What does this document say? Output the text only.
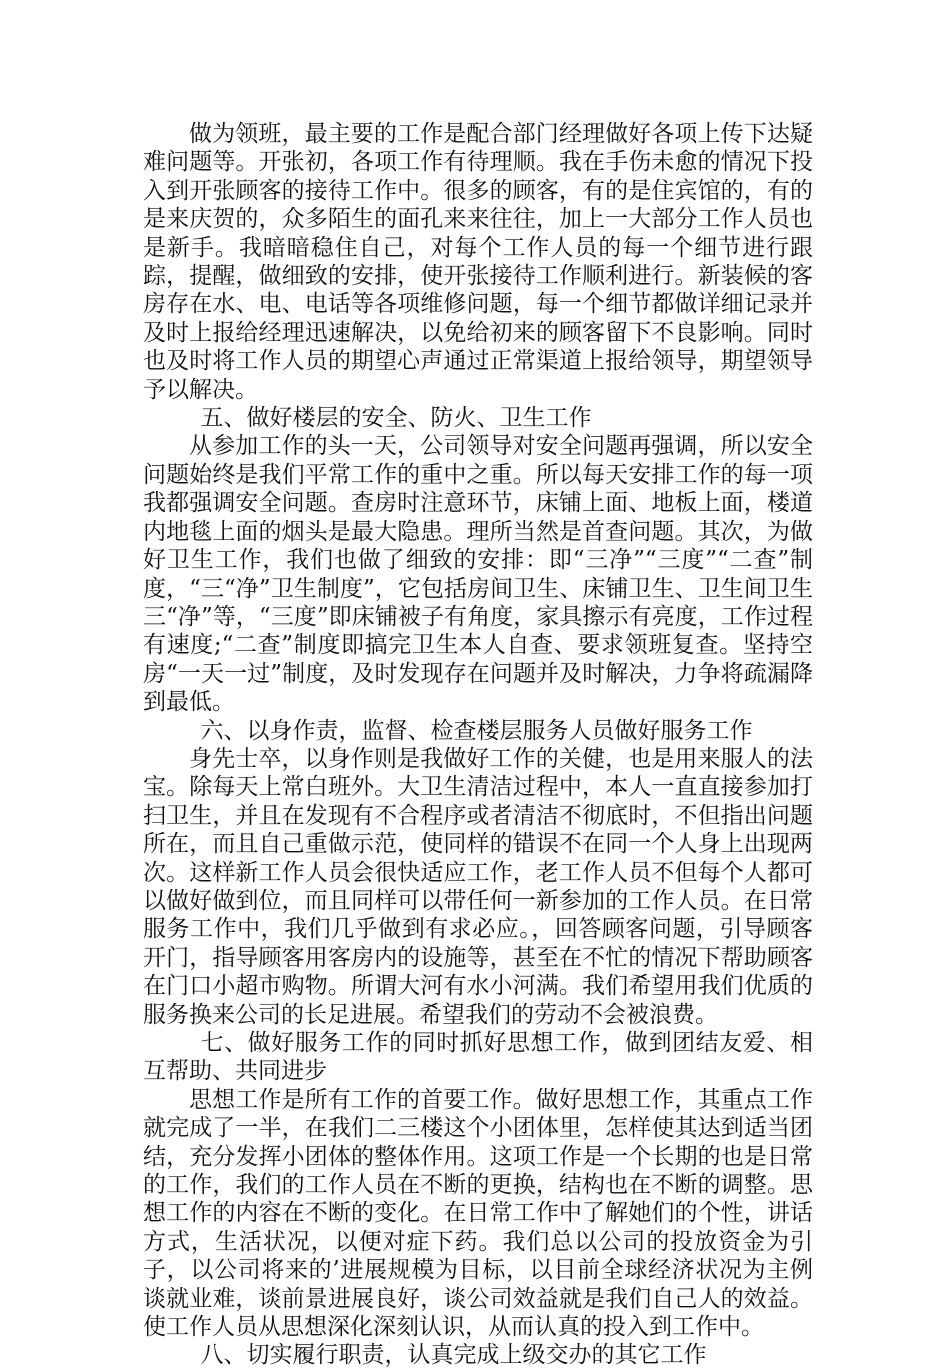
做为领班，最主要的工作是配合部门经理做好各项上传下达疑难问题等。开张初，各项工作有待理顺。我在手伤未愈的情况下投入到开张顾客的接待工作中。很多的顾客，有的是住宾馆的，有的是来庆贺的，众多陌生的面孔来来往往，加上一大部分工作人员也是新手。我暗暗稳住自己，对每个工作人员的每一个细节进行跟踪，提醒，做细致的安排，使开张接待工作顺利进行。新装候的客房存在水、电、电话等各项维修问题，每一个细节都做详细记录并及时上报给经理迅速解决，以免给初来的顾客留下不良影响。同时也及时将工作人员的期望心声通过正常渠道上报给领导，期望领导予以解决。

五、做好楼层的安全、防火、卫生工作

从参加工作的头一天，公司领导对安全问题再强调，所以安全问题始终是我们平常工作的重中之重。所以每天安排工作的每一项我都强调安全问题。查房时注意环节，床铺上面、地板上面，楼道内地毯上面的烟头是最大隐患。理所当然是首查问题。其次，为做好卫生工作，我们也做了细致的安排：即“三净”“三度”“二查”制度，“三“净”卫生制度”，它包括房间卫生、床铺卫生、卫生间卫生三“净”等，“三度”即床铺被子有角度，家具擦示有亮度，工作过程有速度;“二查”制度即搞完卫生本人自查、要求领班复查。坚持空房“一天一过”制度，及时发现存在问题并及时解决，力争将疏漏降到最低。

六、以身作责，监督、检查楼层服务人员做好服务工作

身先士卒，以身作则是我做好工作的关健，也是用来服人的法宝。除每天上常白班外。大卫生清洁过程中，本人一直直接参加打扫卫生，并且在发现有不合程序或者清洁不彻底时，不但指出问题所在，而且自己重做示范，使同样的错误不在同一个人身上出现两次。这样新工作人员会很快适应工作，老工作人员不但每个人都可以做好做到位，而且同样可以带任何一新参加的工作人员。在日常服务工作中，我们几乎做到有求必应。，回答顾客问题，引导顾客开门，指导顾客用客房内的设施等，甚至在不忙的情况下帮助顾客在门口小超市购物。所谓大河有水小河满。我们希望用我们优质的服务换来公司的长足进展。希望我们的劳动不会被浪费。

七、做好服务工作的同时抓好思想工作，做到团结友爱、相互帮助、共同进步

思想工作是所有工作的首要工作。做好思想工作，其重点工作就完成了一半，在我们二三楼这个小团体里，怎样使其达到适当团结，充分发挥小团体的整体作用。这项工作是一个长期的也是日常的工作，我们的工作人员在不断的更换，结构也在不断的调整。思想工作的内容在不断的变化。在日常工作中了解她们的个性，讲话方式，生活状况，以便对症下药。我们总以公司的投放资金为引子，以公司将来的’进展规模为目标，以目前全球经济状况为主例谈就业难，谈前景进展良好，谈公司效益就是我们自己人的效益。使工作人员从思想深化深刻认识，从而认真的投入到工作中。

八、切实履行职责，认真完成上级交办的其它工作
